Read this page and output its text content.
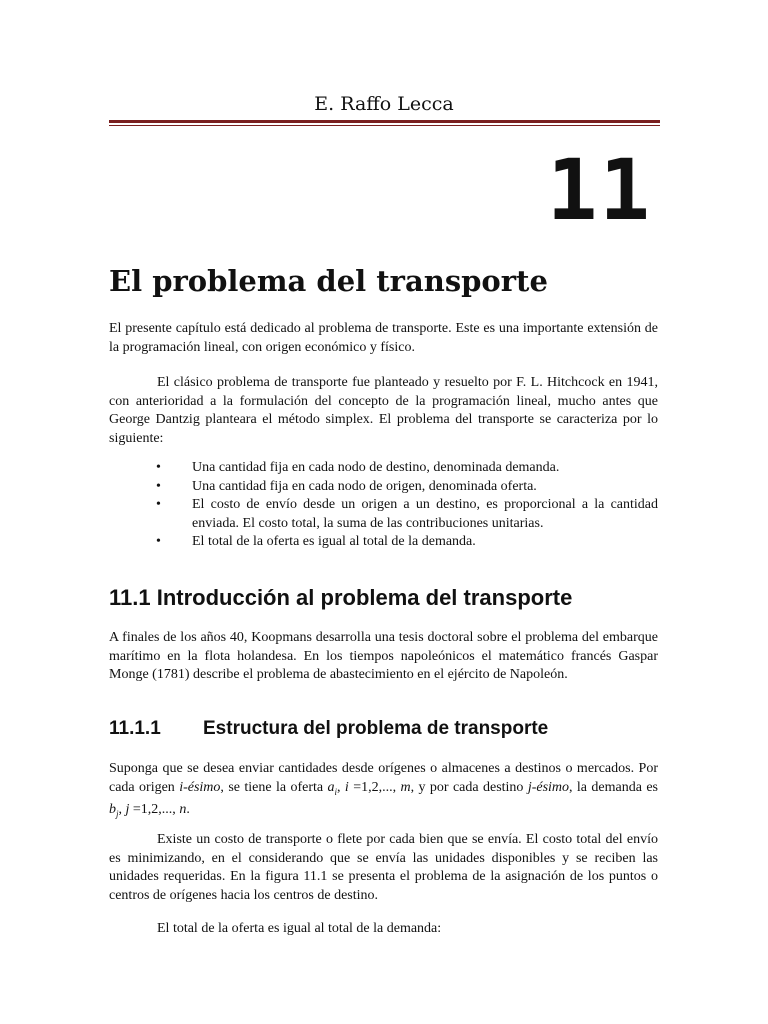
E. Raffo Lecca
11
El problema del transporte
El presente capítulo está dedicado al problema de transporte. Este es una importante extensión de la programación lineal, con origen económico y físico.
El clásico problema de transporte fue planteado y resuelto por F. L. Hitchcock en 1941, con anterioridad a la formulación del concepto de la programación lineal, mucho antes que George Dantzig planteara el método simplex. El problema del transporte se caracteriza por lo siguiente:
• Una cantidad fija en cada nodo de destino, denominada demanda.
• Una cantidad fija en cada nodo de origen, denominada oferta.
• El costo de envío desde un origen a un destino, es proporcional a la cantidad enviada. El costo total, la suma de las contribuciones unitarias.
• El total de la oferta es igual al total de la demanda.
11.1 Introducción al problema del transporte
A finales de los años 40, Koopmans desarrolla una tesis doctoral sobre el problema del embarque marítimo en la flota holandesa. En los tiempos napoleónicos el matemático francés Gaspar Monge (1781) describe el problema de abastecimiento en el ejército de Napoleón.
11.1.1 Estructura del problema de transporte
Suponga que se desea enviar cantidades desde orígenes o almacenes a destinos o mercados. Por cada origen i-ésimo, se tiene la oferta $a_i$, i =1,2,..., m, y por cada destino j-ésimo, la demanda es $b_j$, j =1,2,..., n.
Existe un costo de transporte o flete por cada bien que se envía. El costo total del envío es minimizando, en el considerando que se envía las unidades disponibles y se reciben las unidades requeridas. En la figura 11.1 se presenta el problema de la asignación de los puntos o centros de orígenes hacia los centros de destino.
El total de la oferta es igual al total de la demanda:
